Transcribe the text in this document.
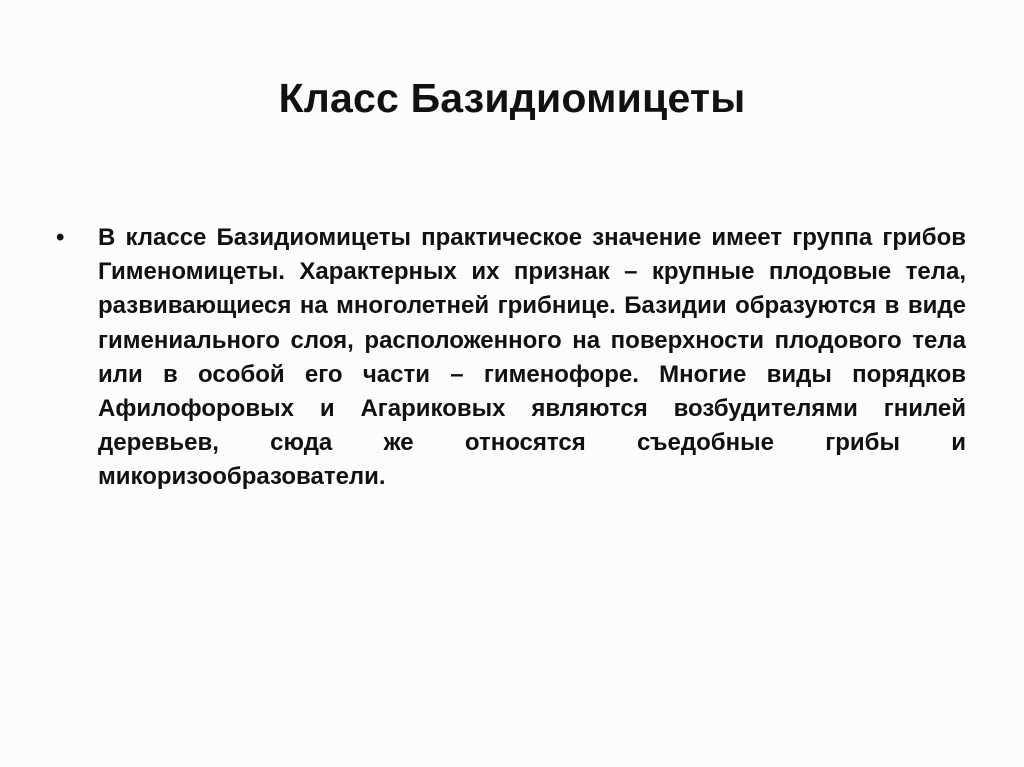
Класс Базидиомицеты
• В классе Базидиомицеты практическое значение имеет группа грибов Гименомицеты. Характерных их признак – крупные плодовые тела, развивающиеся на многолетней грибнице. Базидии образуются в виде гимениального слоя, расположенного на поверхности плодового тела или в особой его части – гименофоре. Многие виды порядков Афилофоровых и Агариковых являются возбудителями гнилей деревьев, сюда же относятся съедобные грибы и микоризообразователи.
